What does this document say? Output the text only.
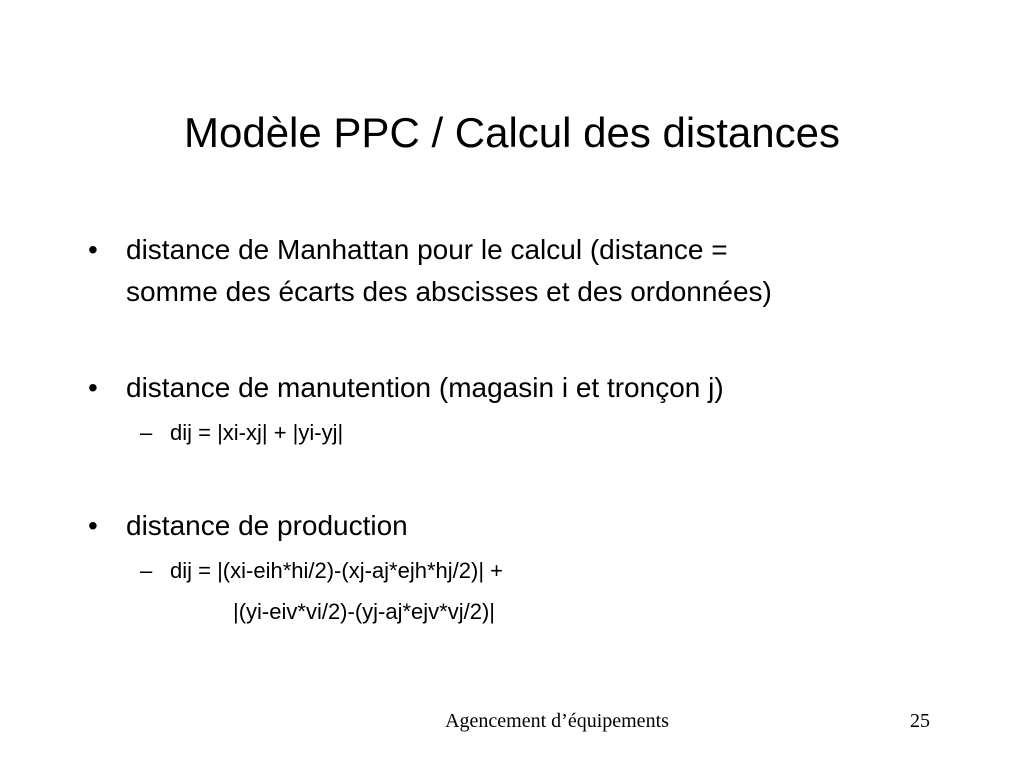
Modèle PPC / Calcul des distances
•	distance de Manhattan pour le calcul (distance =
somme des écarts des abscisses et des ordonnées)
•	distance de manutention (magasin i et tronçon j)
– dij = |xi-xj| + |yi-yj|
•	distance de production
– dij = |(xi-eih*hi/2)-(xj-aj*ejh*hj/2)| +
|(yi-eiv*vi/2)-(yj-aj*ejv*vj/2)|
Agencement d’équipements	25
